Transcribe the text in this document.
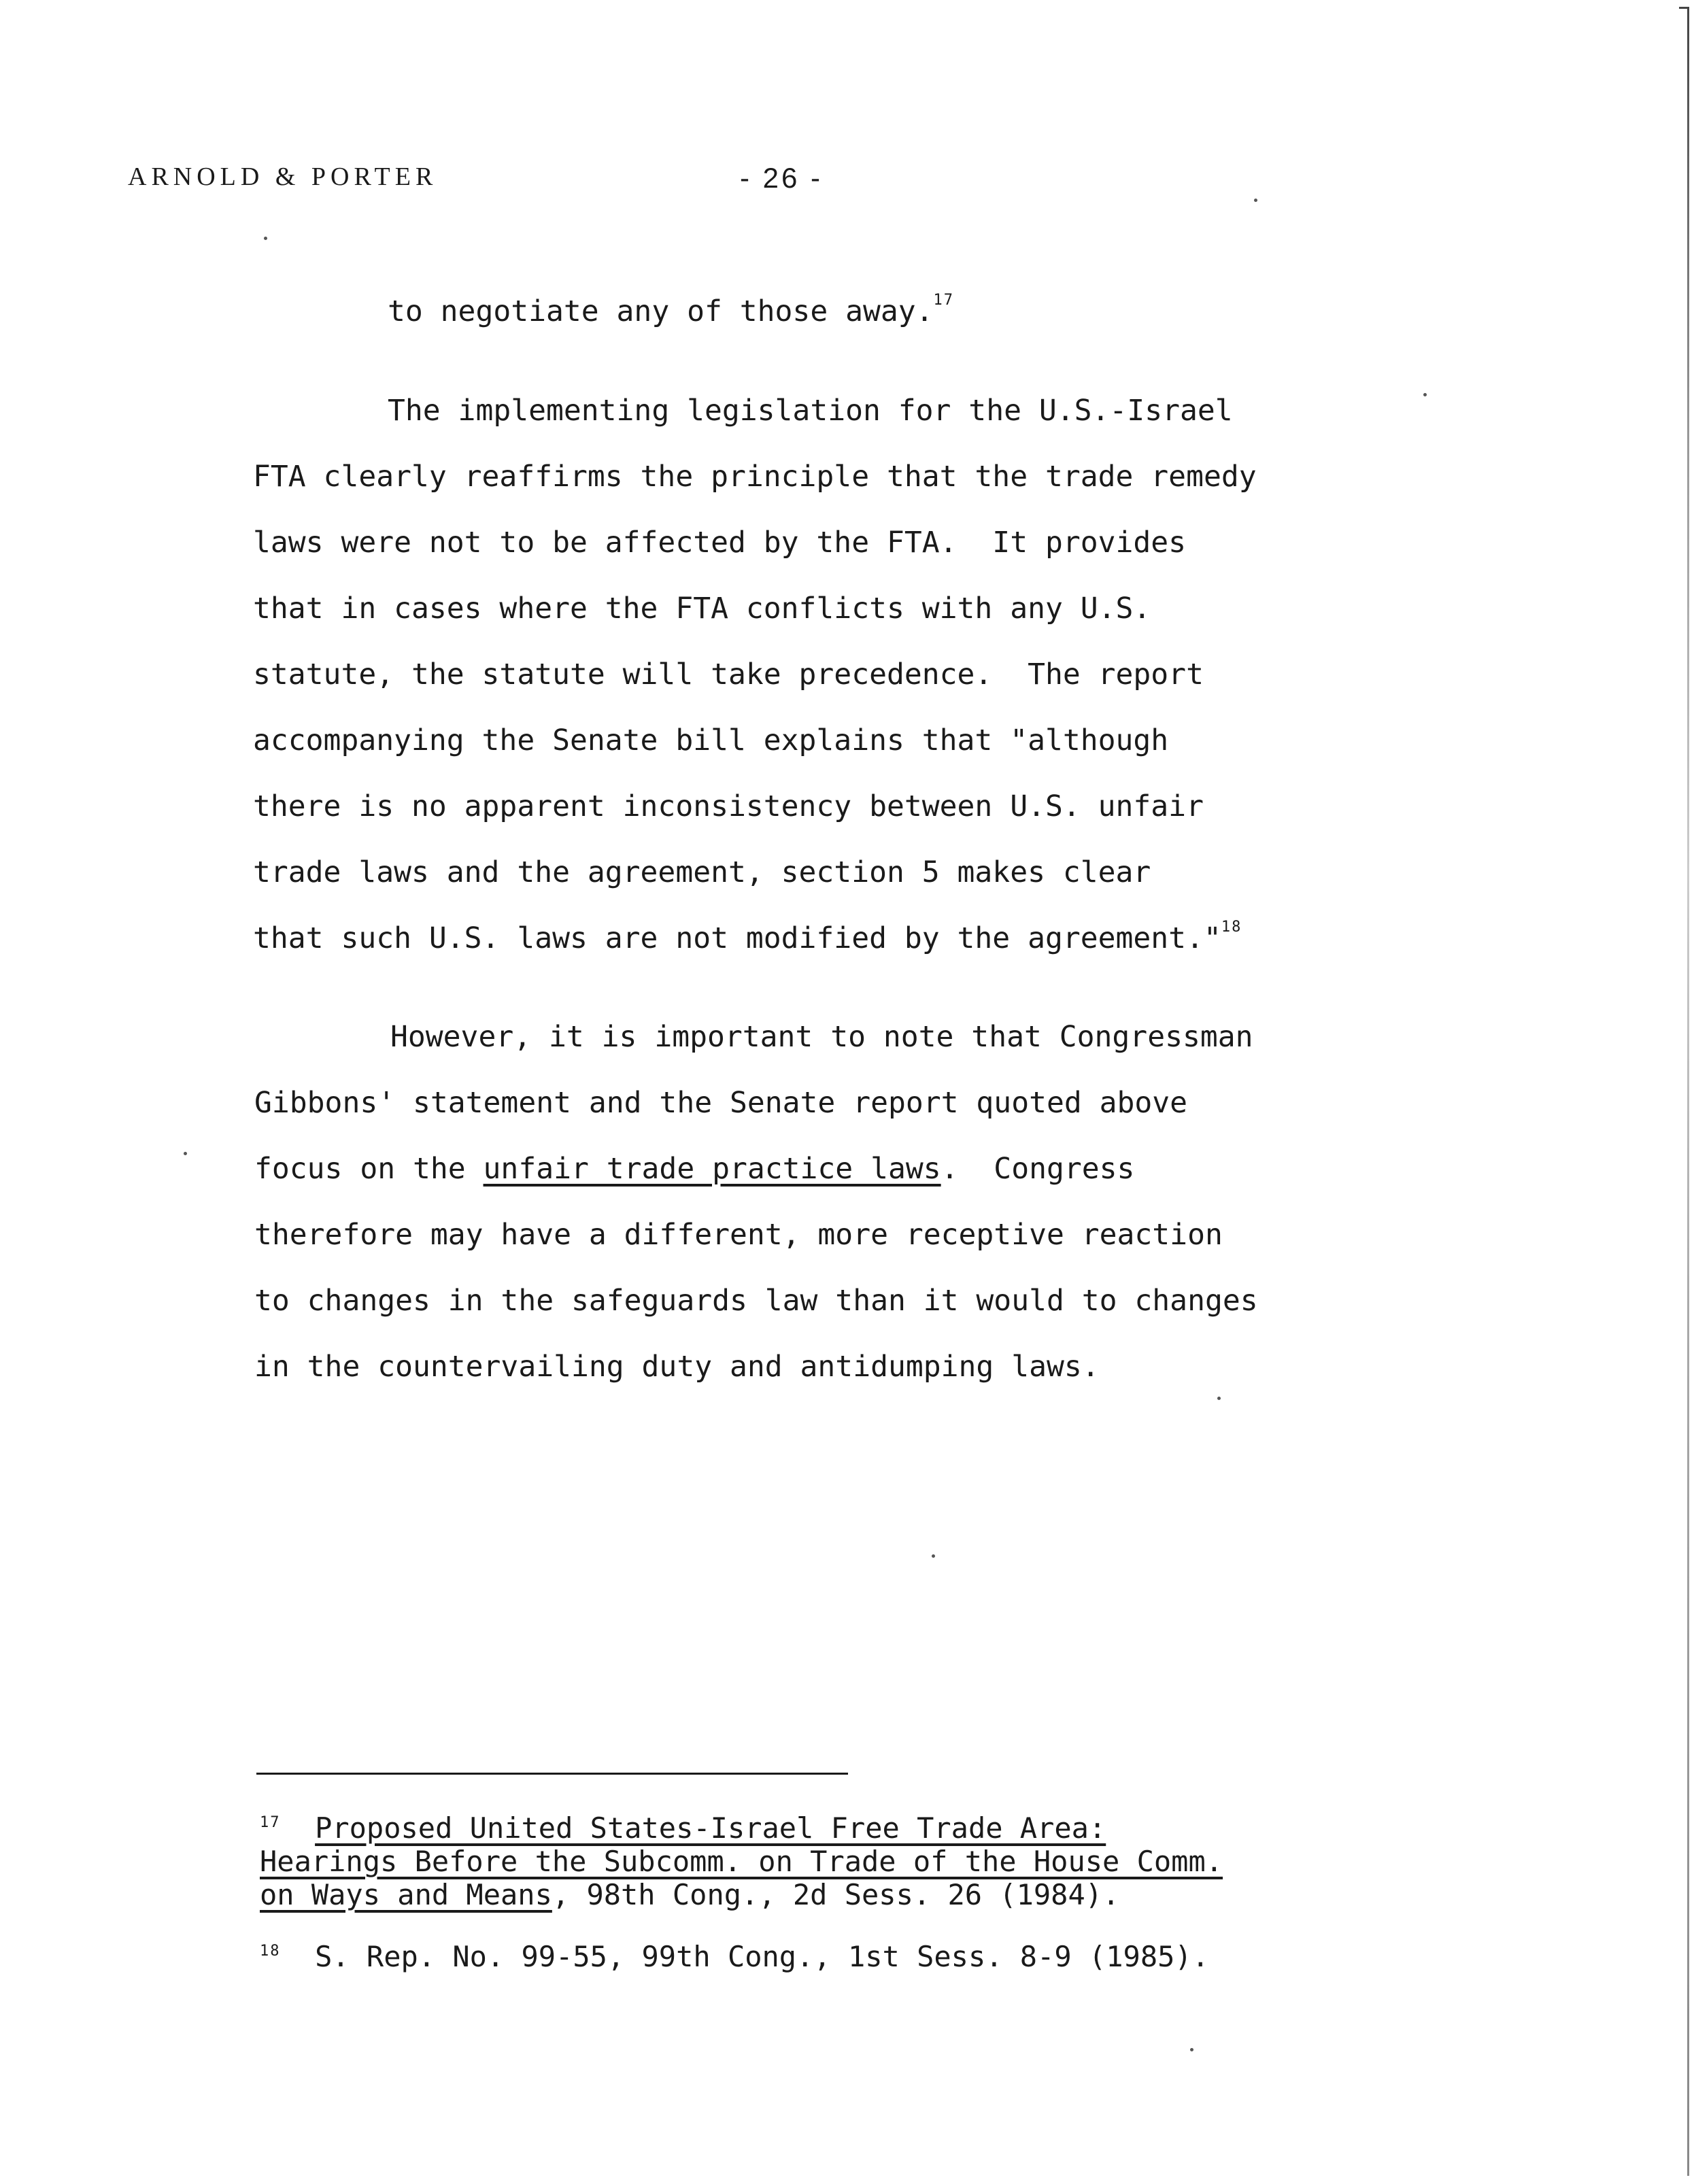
ARNOLD & PORTER	- 26 -
to negotiate any of those away.$^{17}$
The implementing legislation for the U.S.-Israel
FTA clearly reaffirms the principle that the trade remedy
laws were not to be affected by the FTA.  It provides
that in cases where the FTA conflicts with any U.S.
statute, the statute will take precedence.  The report
accompanying the Senate bill explains that "although
there is no apparent inconsistency between U.S. unfair
trade laws and the agreement, section 5 makes clear
that such U.S. laws are not modified by the agreement."$^{18}$
However, it is important to note that Congressman
Gibbons' statement and the Senate report quoted above
focus on the unfair trade practice laws.  Congress
therefore may have a different, more receptive reaction
to changes in the safeguards law than it would to changes
in the countervailing duty and antidumping laws.
$^{17}$ Proposed United States-Israel Free Trade Area:
Hearings Before the Subcomm. on Trade of the House Comm.
on Ways and Means, 98th Cong., 2d Sess. 26 (1984).
$^{18}$ S. Rep. No. 99-55, 99th Cong., 1st Sess. 8-9 (1985).
